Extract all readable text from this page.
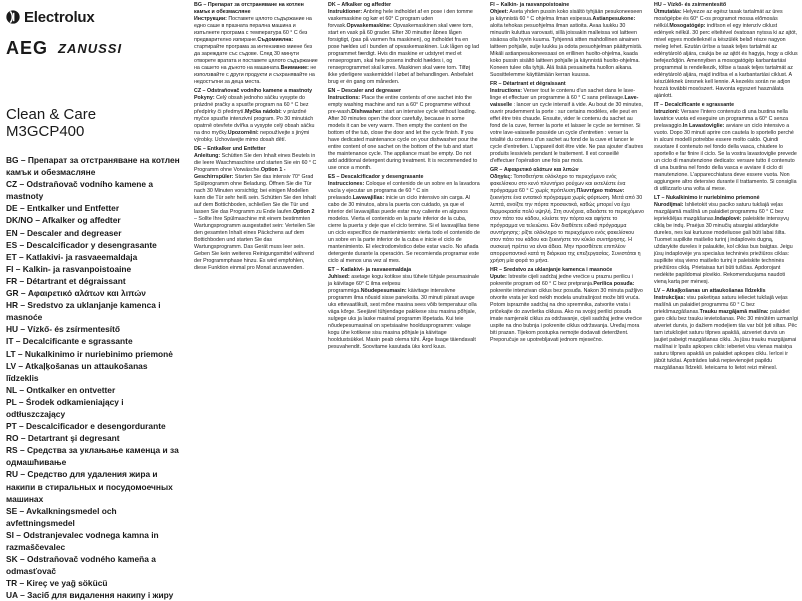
Electrolux
AEG ZANUSSI
Clean & Care
M3GCP400
BG – Препарат за отстраняване на котлен камък и обезмасляне
CZ – Odstraňovač vodního kamene a mastnoty
DE – Entkalker und Entfetter
DK/NO – Afkalker og affedter
EN – Descaler and degreaser
ES – Descalcificador y desengrasante
ET – Katlakivi- ja rasvaeemaldaja
FI – Kalkin- ja rasvanpoistoaine
FR – Détartrant et dégraissant
GR – Αφαιρετικό αλάτων και λιπών
HR – Sredstvo za uklanjanje kamenca i masnoće
HU – Vízkő- és zsírmentesítő
IT – Decalcificante e sgrassante
LT – Nukalkinimo ir nuriebinimo priemonė
LV – Atkaļķošanas un attaukošanas līdzeklis
NL – Ontkalker en ontvetter
PL – Środek odkamieniający i odtłuszczający
PT – Descalcificador e desengordurante
RO – Detartrant şi degresant
RS – Средства за уклањање каменца и за одмашћивање
RU – Средство для удаления жира и накипи в стиральных и посудомоечных машинах
SE – Avkalkningsmedel och avfettningsmedel
SI – Odstranjevalec vodnega kamna in razmaščevalec
SK – Odstraňovač vodného kameňa a odmasťovač
TR – Kireç ve yağ sökücü
UA – Засіб для видалення накипу і жиру

BG – Препарат за отстраняване на котлен камък и обезмасляне
Инструкции: Поставете цялото съдържание на едно саше в празната перална машина и изпълнете програма с температура 60 ° C без предварително изпиране.Съдомиялна: стартирайте програма за интензивно миене без да зареждате със съдове. След 30 минути отворете вратата и поставете цялото съдържание на сашето на дъното на машината.Внимание: не използвайте с други продукти и съхранявайте на недостъпни за деца места.

CZ – Odstraňovač vodního kamene a mastnoty
Pokyny: Celý obsah jednoho sáčku vysypte do prázdné pračky a spusťte program na 60 ° C bez předpírky či předmytí.Myčka nádobí: v prázdné myčce spusťte intenzivní program. Po 30 minutách opatrně otevřete dvířka a vysypte celý obsah sáčku na dno myčky.Upozornění: nepoužívejte s jinými výrobky. Uchovávejte mimo dosah dětí.

DE – Entkalker und Entfetter
Anleitung: Schütten Sie den Inhalt eines Beutels in die leere Waschmaschine und starten Sie ein 60 ° C Programm ohne Vorwäsche.Option 1 - Geschirrspüler: Starten Sie das intensiv 70° Grad Spülprogramm ohne Beladung. Öffnen Sie die Tür nach 30 Minuten vorsichtig; bei einigen Modellen kann die Tür sehr heiß sein. Schütten Sie den Inhalt auf dem Bottichboden, schließen Sie die Tür und lassen Sie das Programm zu Ende laufen.Option 2 – Sollte Ihre Spülmaschine mit einem bestimmten Wartungsprogramm ausgestattet sein: Verteilen Sie den gesamten Inhalt eines Päckchens auf dem Bottichboden und starten Sie das Wartungsprogramm. Das Gerät muss leer sein. Geben Sie kein weiteres Reinigungsmittel während der Programmphase hinzu. Es wird empfohlen, diese Funktion einmal pro Monat anzuwenden.

DK – Afkalker og affedter
Instruktioner: Anbring hele indholdet af en pose i den tomme vaskemaskine og kør et 60° C program uden forvask.Opvaskemaskine: Opvaskemaskinen skal være tom, start en vask på 60 grader. Efter 30 minutter åbnes lågen forsigtigt, (pas på varmen fra maskinen), og indholdet fra en pose hældes ud i bunden af opvaskemaskinen. Luk lågen og lad programmet færdigt. Hvis din maskine er udstyret med et renseprogram, skal hele posens indhold hældes i, og renseprogrammet skal køres. Maskinen skal være tom. Tilføj ikke yderligere vaskemiddel i løbet af behandlingen. Anbefalet brug er én gang om måneden.

EN – Descaler and degreaser
Instructions: Place the entire contents of one sachet into the empty washing machine and run a 60° C programme without pre-wash.Dishwasher: start an intensive cycle without loading. After 30 minutes open the door carefully, because in some models it can be very warm. Then empty the content on the bottom of the tub, close the door and let the cycle finish. If you have dedicated maintenance cycle on your dishwasher pour the entire content of one sachet on the bottom of the tub and start the maintenance cycle. The appliance must be empty. Do not add additional detergent during treatment. It is recommended to use once a month.

ES – Descalcificador y desengrasante
Instrucciones: Coloque el contenido de un sobre en la lavadora vacía y ejecutar un programa de 60 ° C sin prelavado.Lavavajillas: inicie un ciclo intensivo sin carga. Al cabo de 30 minutos, abra la puerta con cuidado, ya que el interior del lavavajillas puede estar muy caliente en algunos modelos. Vierta el contenido en la parte inferior de la cuba, cierre la puerta y deje que el ciclo termine. Si el lavavajillas tiene un ciclo específico de mantenimiento: vierta todo el contenido de un sobre en la parte inferior de la cuba e inicie el ciclo de mantenimiento. El electrodoméstico debe estar vacío. No añada detergente durante la operación. Se recomienda programar este ciclo al menos una vez al mes.

ET – Katlakivi- ja rasvaeemaldaja
Juhised: asetage kogu kotikse sisu tühele tühjale pesumasinale ja käivitage 60° C ilma eelpesu programmiga.Nõudepesumasin: käivitage intensiivne programm ilma nõusid sisse paneksita. 30 minuti pärast avage uks ettevaatlikult, sest mõne masina sees võib temperatuur olla väga kõrge. Seejärel tühjendage pakikese sisu masina põhjale, sulgege uks ja laske masinal programm lõpetada. Kui teie nõudepesumasinal on spetsiaalne hooldusprogramm: valage kogu ühe kotikese sisu masina põhjale ja käivitage hooldustsükkel. Masin peab olema tühi. Ärge lisage täiendavalt pesuvahendit. Soovitame kasutada üks kord kuus.

FI – Kalkin- ja rasvanpoistoaine
Ohjeet: Aseta yhden pussin koko sisältö tyhjään pesukoneeseen ja käynnistä 60 ° C ohjelma ilman esipesua.Astianpesukone: aloita tehokas pesuohjelma ilman astioita. Avaa luukku 30 minuutin kuluttua varovasti, sillä joissakin malleissa voi laitteen sisäosa olla hyvin kuuma. Tyhjennä sitten mahdollinen ainainen laitteen pohjalle, sulje luukku ja odota pesuohjelman päättymistä. Mikäli astianpesukoneessasi on erillinen huolto-ohjelma, kaada koko pussin sisältö laitteen pohjalle ja käynnistä huolto-ohjelma. Koneen tulee olla tyhjä. Älä lisää pesuainetta huollon aikana. Suosittelemme käyttämään kerran kuussa.

FR – Détartrant et dégraissant
Instructions: Verser tout le contenu d'un sachet dans le lave-linge et effectuer un programme à 60 ° C sans prélavage.Lave-vaisselle : lancer un cycle intensif à vide. Au bout de 30 minutes, ouvrir prudemment la porte : sur certains modèles, elle peut en effet être très chaude. Ensuite, vider le contenu du sachet au fond de la cuve, fermer la porte et laisser le cycle se terminer. Si votre lave-vaisselle possède un cycle d'entretien : verser la totalité du contenu d'un sachet au fond de la cuve et lancer le cycle d'entretien. L'appareil doit être vide. Ne pas ajouter d'autres produits lessiviels pendant le traitement. Il est conseillé d'effectuer l'opération une fois par mois.

GR – Αφαιρετικό αλάτων και λιπών
Οδηγίες: Τοποθετήστε ολόκληρο το περιεχόμενο ενός φακελίσκου στο κενό πλυντήριο ρούχων και εκτελέστε ένα πρόγραμμα 60 ° C χωρίς πρόπλυση.Πλυντήριο πιάτων: ξεκινήστε ένα εντατικό πρόγραμμα χωρίς φόρτωση. Μετά από 30 λεπτά, ανοίξτε την πόρτα προσεκτικά, καθώς μπορεί να έχει θερμοκρασία πολύ υψηλή. Στη συνέχεια, αδειάστε το περιεχόμενο στον πάτο του κάδου, κλείστε την πόρτα και αφήστε το πρόγραμμα να τελειώσει. Εάν διαθέτετε ειδικό πρόγραμμα συντήρησης: ρίξτε ολόκληρο το περιεχόμενο ενός φακελίσκου στον πάτο του κάδου και ξεκινήστε τον κύκλο συντήρησης. Η συσκευή πρέπει να είναι άδεια. Μην προσθέτετε επιπλέον απορρυπαντικό κατά τη διάρκεια της επεξεργασίας. Συνιστάται η χρήση μία φορά το μήνα.

HR – Sredstvo za uklanjanje kamenca i masnoće
Upute: Istresite cijeli sadržaj jedne vrećice u praznu perilicu i pokrenite program od 60 ° C bez pretpranja.Perilica posuđa: pokrenite intenzivan ciklus bez posuđa. Nakon 30 minuta pažljivo otvorite vrata jer kod nekih modela unutrašnjost može biti vruća. Potom ispraznite sadržaj na dno spremnika, zatvorite vrata i pričekajte do završetka ciklusa. Ako na svojoj perilici posuđa imate namjenski ciklus za održavanje, cijeli sadržaj jedne vrećice uspite na dno bubnja i pokrenite ciklus održavanja. Uređaj mora biti prazan. Tijekom postupka nemojte dodavati deterdžent. Preporučuje se upotrebljavati jednom mjesečno.

HU – Vízkő- és zsírmentesítő
Útmutatás: Helyezze az egész tasak tartalmát az üres mosógépbe és 60° C-os programot mossa előmosás nélkül.Mosogatógép: indítson el egy intenzív ciklust edények nélkül. 30 perc elteltével óvatosan nyissa ki az ajtót, mivel egyes modelleknél a készülék belső része nagyon meleg lehet. Ezután ürítse a tasak teljes tartalmát az edénytároló aljára, csukja be az ajtót és hagyja, hogy a ciklus befejeződjön. Amennyiben a mosogatógép karbantartási programmal is rendelkezik, töltse a tasak teljes tartalmát az edénytároló aljára, majd indítsa el a karbantartási ciklust. A készüléknek üresnek kell lennie. A kezelés során ne adjon hozzá további mosószert. Havonta egyszeri használata ajánlott.

IT – Decalcificante e sgrassante
Istruzioni: Versare l'intero contenuto di una bustina nella lavatrice vuota ed eseguire un programma a 60° C senza prelavaggio.In Lavastoviglie: avviare un ciclo intensivo a vuoto. Dopo 30 minuti aprire con cautela lo sportello perché in alcuni modelli potrebbe essere molto caldo. Quindi svuotare il contenuto nel fondo della vasca, chiudere lo sportello e far finire il ciclo. Se la vostra lavastoviglie prevede un ciclo di manutenzione dedicato: versare tutto il contenuto di una bustina nel fondo della vasca e avviare il ciclo di manutenzione. L'apparecchiatura deve essere vuota. Non aggiungere altro detersivo durante il trattamento. Si consiglia di utilizzarlo una volta al mese.

LT – Nukalkinimo ir nuriebinimo priemonė
Nurodijmai: Ishlietokit visu paciko saturu tukšajā veļas mazgājamā mašīnā un palaidiet programmu 60 ° C bez iepriekšējas mazgāšanas.Indaplovė: paleiskite intensyvų ciklą be indų. Praėjus 30 minučių atsargiai atidarykite dureles, nes kai kuriuose modeliuose gali būti labai šilta. Tuomet supilkite maišelio turinį į indaplovės dugną, uždarykite dureles ir palaukite, kol ciklas bus baigtas. Jeigu jūsų indaplovėje yra specialus techninės priežiūros ciklas: supilkite visą vieno maišelio turinį ir paleiskite techninės priežiūros ciklą. Prietaisas turi būti tuščias. Apdorojant nedėkite papildomai plovikio. Rekomenduojama naudoti vieną kartą per mėnesį.

LV – Atkaļķošanas un attaukošanas līdzeklis
Instrukcijas: visu paketiņas saturu ielieciet tukšajā veļas mašīnā un palaidiet programmu 60 ° C bez priekšmazgāšanas.Trauku mazgājamā mašīna: palaidiet garo ciklu bez trauku ievietošanas. Pēc 30 minūtēm uzmanīgi atveriet durvis, jo dažiem modeļiem tās var būt ļoti siltas. Pēc tam iztukšojiet saturu tilpnes apakšā, aizveriet durvis un ļaujiet pabeigt mazgāšanas ciklu. Ja jūsu trauku mazgājamai mašīnai ir īpašs apkopes cikls: ieberiet visu vienas maisiņa saturu tilpnes apakšā un palaidiet apkopes ciklu. Ierīcei ir jābūt tukšai. Apstrādes laikā nepievienojiet papildu mazgāšanas līdzekli. Ieteicams to lietot reizi mēnesī.
